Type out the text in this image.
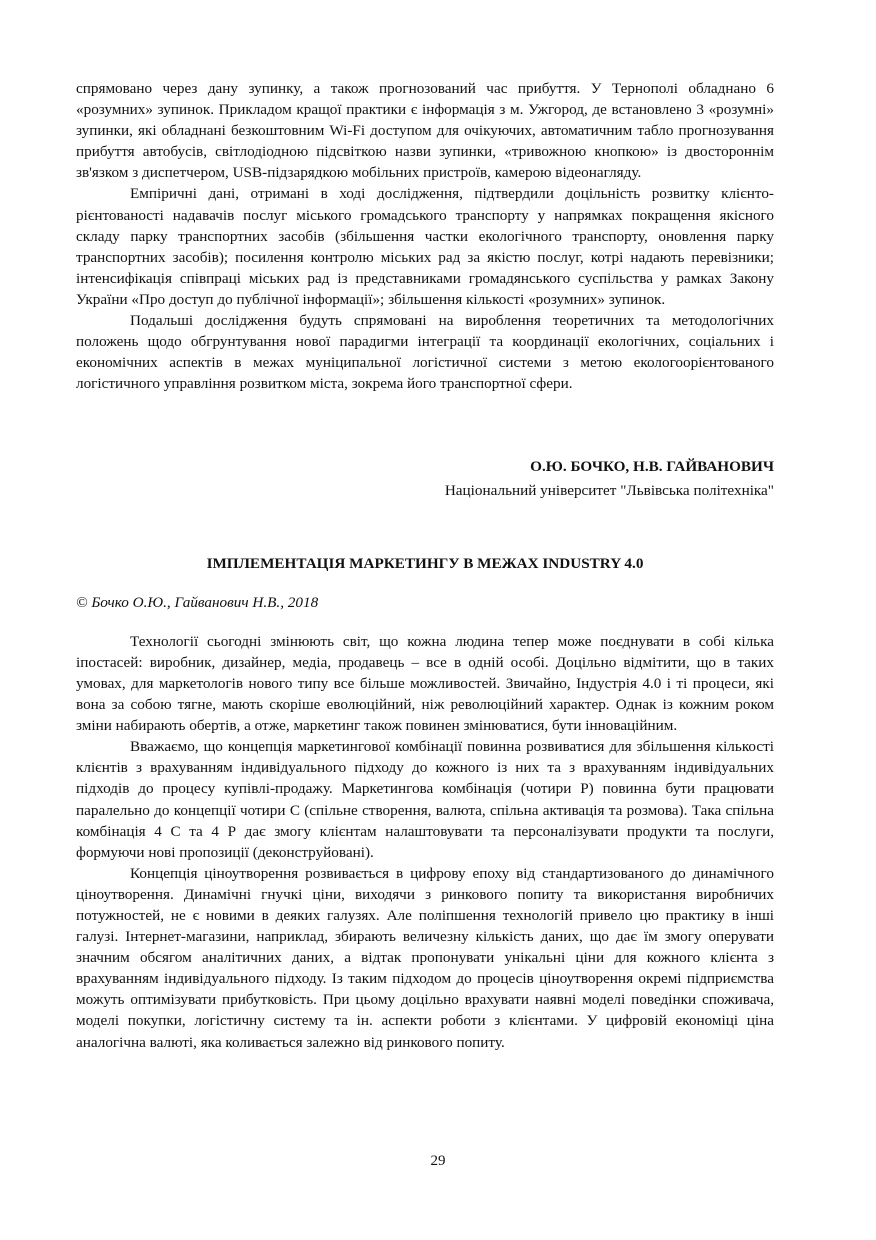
спрямовано через дану зупинку, а також прогнозований час прибуття. У Тернополі обладнано 6 «розумних» зупинок. Прикладом кращої практики є інформація з м. Ужгород, де встановлено 3 «розумні» зупинки, які обладнані безкоштовним Wi-Fi доступом для очікуючих, автоматичним табло прогнозування прибуття автобусів, світлодіодною підсвіткою назви зупинки, «тривожною кнопкою» із двостороннім зв'язком з диспетчером, USB-підзарядкою мобільних пристроїв, камерою відеонагляду.

Емпіричні дані, отримані в ході дослідження, підтвердили доцільність розвитку клієнто-рієнтованості надавачів послуг міського громадського транспорту у напрямках покращення якісного складу парку транспортних засобів (збільшення частки екологічного транспорту, оновлення парку транспортних засобів); посилення контролю міських рад за якістю послуг, котрі надають перевізники; інтенсифікація співпраці міських рад із представниками громадянського суспільства у рамках Закону України «Про доступ до публічної інформації»; збільшення кількості «розумних» зупинок.

Подальші дослідження будуть спрямовані на вироблення теоретичних та методологічних положень щодо обгрунтування нової парадигми інтеграції та координації екологічних, соціальних і економічних аспектів в межах муніципальної логістичної системи з метою екологоорієнтованого логістичного управління розвитком міста, зокрема його транспортної сфери.

О.Ю. БОЧКО, Н.В. ГАЙВАНОВИЧ

Національний університет "Львівська політехніка"

ІМПЛЕМЕНТАЦІЯ МАРКЕТИНГУ В МЕЖАХ INDUSTRY 4.0

© Бочко О.Ю., Гайванович Н.В., 2018

Технології сьогодні змінюють світ, що кожна людина тепер може поєднувати в собі кілька іпостасей: виробник, дизайнер, медіа, продавець – все в одній особі. Доцільно відмітити, що в таких умовах, для маркетологів нового типу все більше можливостей. Звичайно, Індустрія 4.0 і ті процеси, які вона за собою тягне, мають скоріше еволюційний, ніж революційний характер. Однак із кожним роком зміни набирають обертів, а отже, маркетинг також повинен змінюватися, бути інноваційним.

Вважаємо, що концепція маркетингової комбінації повинна розвиватися для збільшення кількості клієнтів з врахуванням індивідуального підходу до кожного із них та з врахуванням індивідуальних підходів до процесу купівлі-продажу. Маркетингова комбінація (чотири Р) повинна бути працювати паралельно до концепції чотири С (спільне створення, валюта, спільна активація та розмова). Така спільна комбінація 4 С та 4 Р дає змогу клієнтам налаштовувати та персоналізувати продукти та послуги, формуючи нові пропозиції (деконструйовані).

Концепція ціноутворення розвивається в цифрову епоху від стандартизованого до динамічного ціноутворення. Динамічні гнучкі ціни, виходячи з ринкового попиту та використання виробничих потужностей, не є новими в деяких галузях. Але поліпшення технологій привело цю практику в інші галузі. Інтернет-магазини, наприклад, збирають величезну кількість даних, що дає їм змогу оперувати значним обсягом аналітичних даних, а відтак пропонувати унікальні ціни для кожного клієнта з врахуванням індивідуального підходу. Із таким підходом до процесів ціноутворення окремі підприємства можуть оптимізувати прибутковість. При цьому доцільно врахувати наявні моделі поведінки споживача, моделі покупки, логістичну систему та ін. аспекти роботи з клієнтами. У цифровій економіці ціна аналогічна валюті, яка коливається залежно від ринкового попиту.

29
